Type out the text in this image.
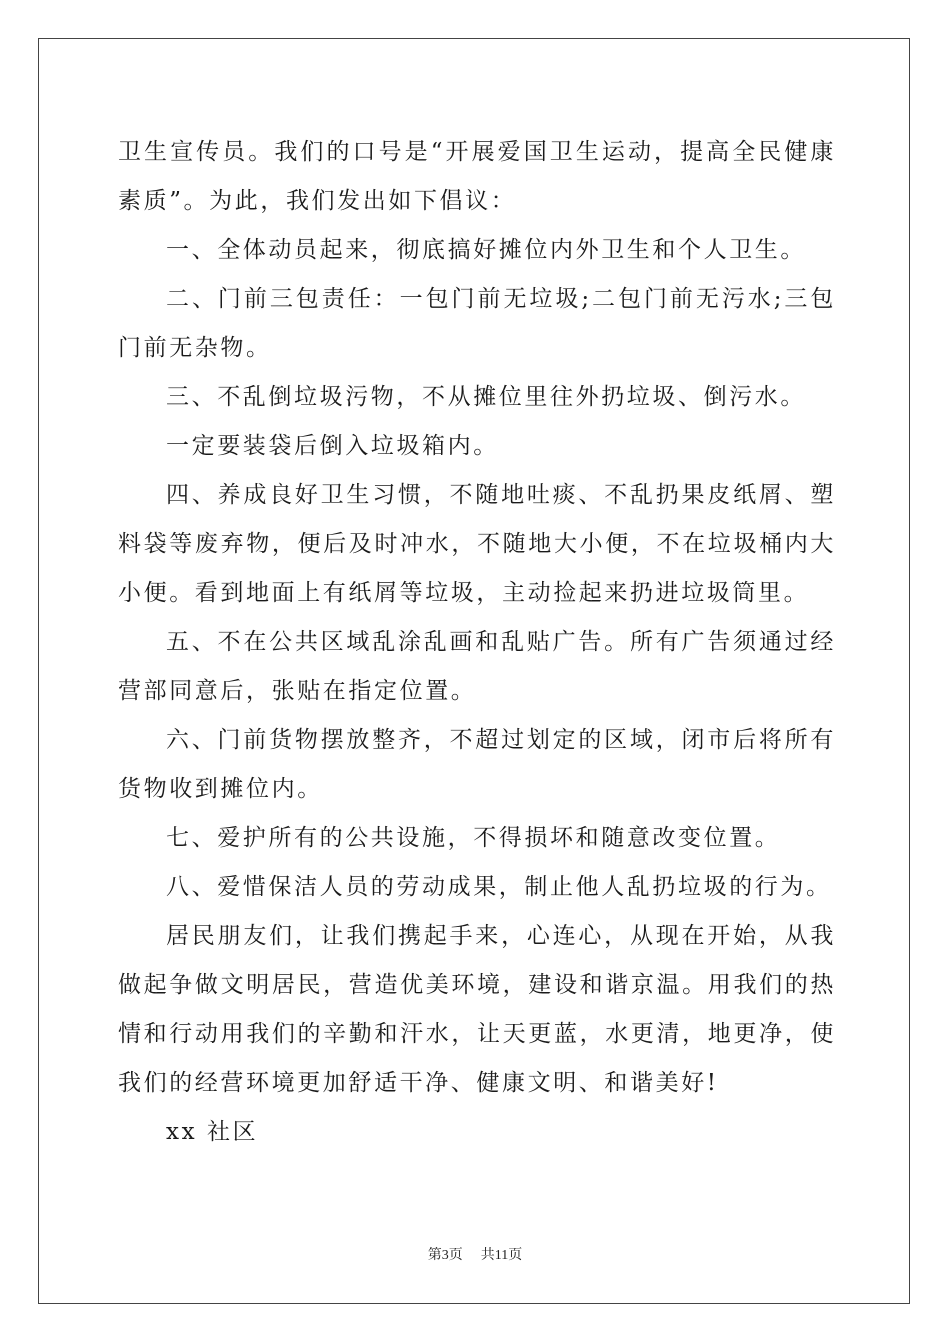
卫生宣传员。我们的口号是“开展爱国卫生运动，提高全民健康素质”。为此，我们发出如下倡议：

一、全体动员起来，彻底搞好摊位内外卫生和个人卫生。

二、门前三包责任：一包门前无垃圾;二包门前无污水;三包门前无杂物。

三、不乱倒垃圾污物，不从摊位里往外扔垃圾、倒污水。

一定要装袋后倒入垃圾箱内。

四、养成良好卫生习惯，不随地吐痰、不乱扔果皮纸屑、塑料袋等废弃物，便后及时冲水，不随地大小便，不在垃圾桶内大小便。看到地面上有纸屑等垃圾，主动捡起来扔进垃圾筒里。

五、不在公共区域乱涂乱画和乱贴广告。所有广告须通过经营部同意后，张贴在指定位置。

六、门前货物摆放整齐，不超过划定的区域，闭市后将所有货物收到摊位内。

七、爱护所有的公共设施，不得损坏和随意改变位置。

八、爱惜保洁人员的劳动成果，制止他人乱扔垃圾的行为。

居民朋友们，让我们携起手来，心连心，从现在开始，从我做起争做文明居民，营造优美环境，建设和谐京温。用我们的热情和行动用我们的辛勤和汗水，让天更蓝，水更清，地更净，使我们的经营环境更加舒适干净、健康文明、和谐美好!

xx 社区

第3页 共11页
